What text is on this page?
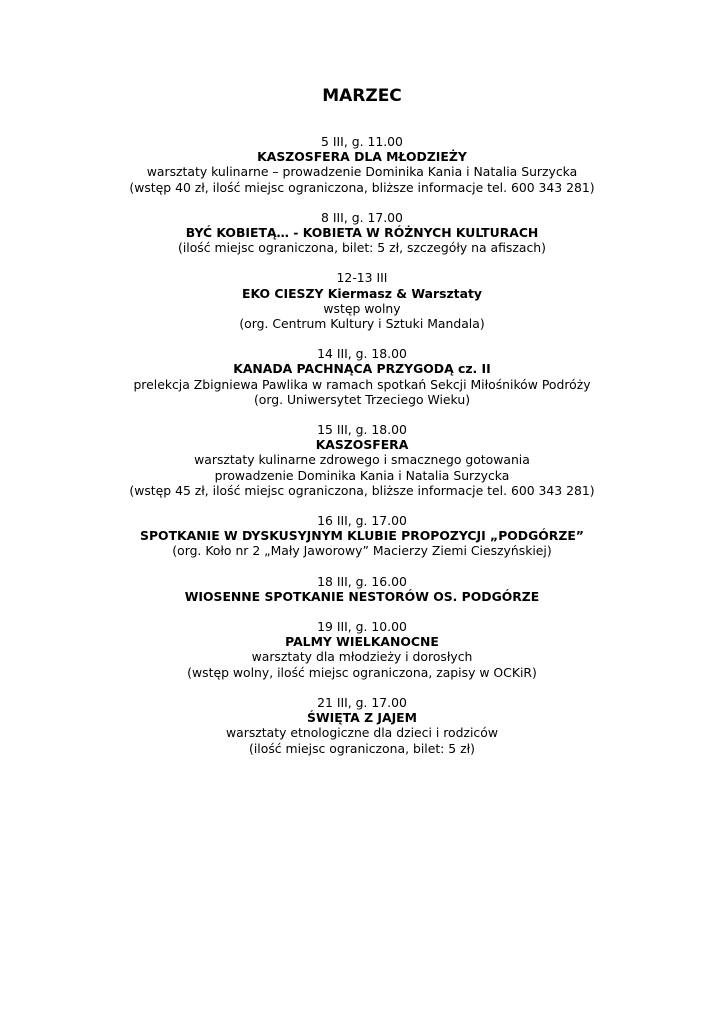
MARZEC
5 III, g. 11.00
KASZOSFERA DLA MŁODZIEŻY
warsztaty kulinarne – prowadzenie Dominika Kania i Natalia Surzycka
(wstęp 40 zł, ilość miejsc ograniczona, bliższe informacje tel. 600 343 281)
8 III, g. 17.00
BYĆ KOBIETĄ… - KOBIETA W RÓŻNYCH KULTURACH
(ilość miejsc ograniczona, bilet: 5 zł, szczegóły na afiszach)
12-13 III
EKO CIESZY Kiermasz & Warsztaty
wstęp wolny
(org. Centrum Kultury i Sztuki Mandala)
14 III, g. 18.00
KANADA PACHNĄCA PRZYGODĄ cz. II
prelekcja Zbigniewa Pawlika w ramach spotkań Sekcji Miłośników Podróży
(org. Uniwersytet Trzeciego Wieku)
15 III, g. 18.00
KASZOSFERA
warsztaty kulinarne zdrowego i smacznego gotowania
prowadzenie Dominika Kania i Natalia Surzycka
(wstęp 45 zł, ilość miejsc ograniczona, bliższe informacje tel. 600 343 281)
16 III, g. 17.00
SPOTKANIE W DYSKUSYJNYM KLUBIE PROPOZYCJI „PODGÓRZE”
(org. Koło nr 2 „Mały Jaworowy” Macierzy Ziemi Cieszyńskiej)
18 III, g. 16.00
WIOSENNE SPOTKANIE NESTORÓW OS. PODGÓRZE
19 III, g. 10.00
PALMY WIELKANOCNE
warsztaty dla młodzieży i dorosłych
(wstęp wolny, ilość miejsc ograniczona, zapisy w OCKiR)
21 III, g. 17.00
ŚWIĘTA Z JAJEM
warsztaty etnologiczne dla dzieci i rodziców
(ilość miejsc ograniczona, bilet: 5 zł)
